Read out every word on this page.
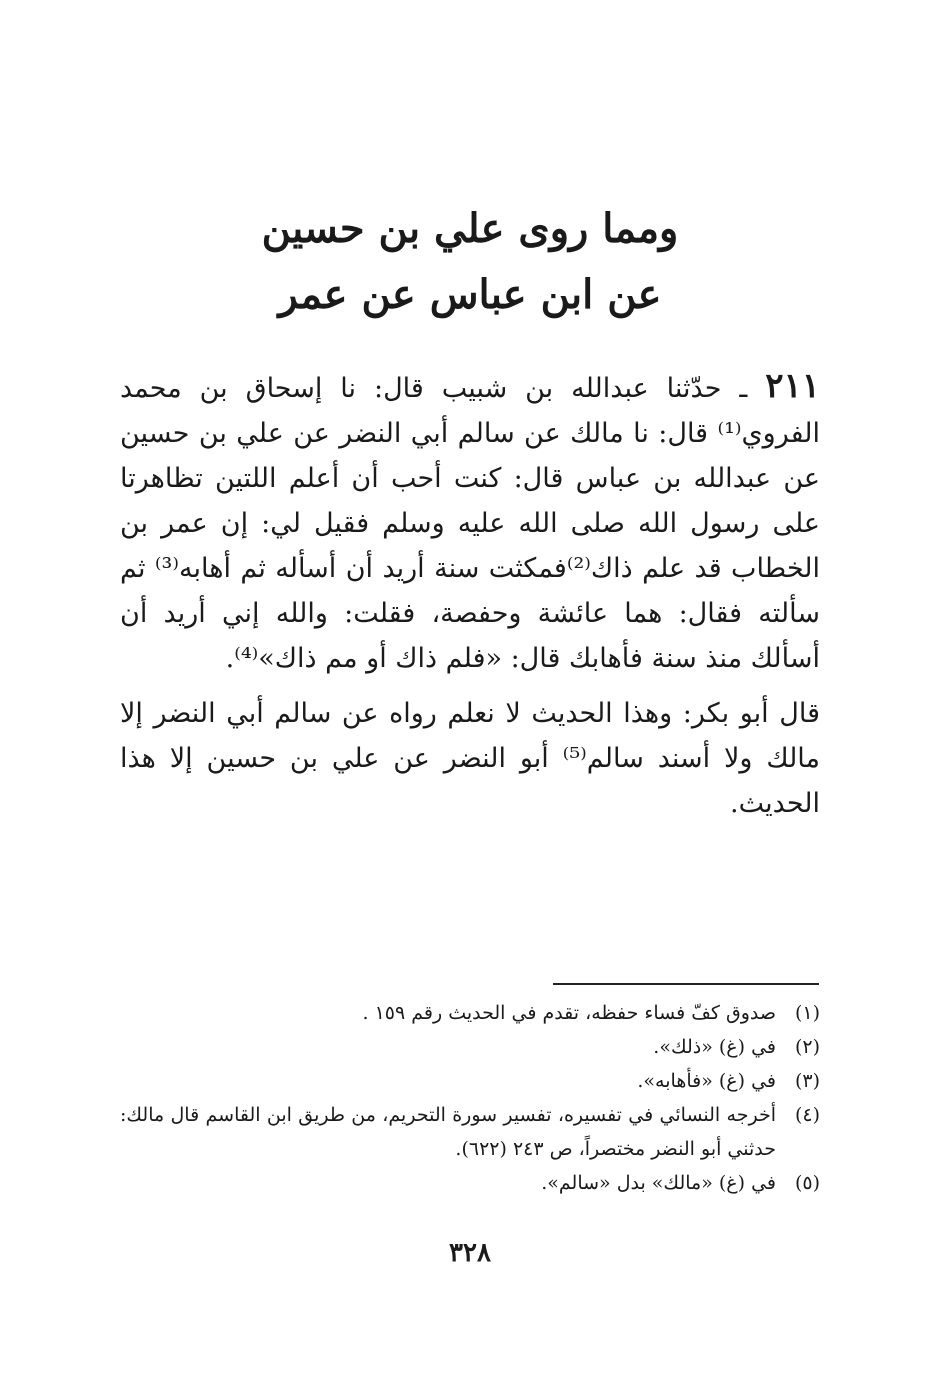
ومما روى علي بن حسين
عن ابن عباس عن عمر

٢١١ ـ حدّثنا عبدالله بن شبيب قال: نا إسحاق بن محمد الفروي⁽¹⁾ قال: نا مالك عن سالم أبي النضر عن علي بن حسين عن عبدالله بن عباس قال: كنت أحب أن أعلم اللتين تظاهرتا على رسول الله صلى الله عليه وسلم فقيل لي: إن عمر بن الخطاب قد علم ذاك⁽²⁾فمكثت سنة أريد أن أسأله ثم أهابه⁽³⁾ ثم سألته فقال: هما عائشة وحفصة، فقلت: والله إني أريد أن أسألك منذ سنة فأهابك قال: «فلم ذاك أو مم ذاك»⁽⁴⁾.

قال أبو بكر: وهذا الحديث لا نعلم رواه عن سالم أبي النضر إلا مالك ولا أسند سالم⁽⁵⁾ أبو النضر عن علي بن حسين إلا هذا الحديث.

(١)
صدوق كفّ فساء حفظه، تقدم في الحديث رقم ١٥٩ .
(٢)
في (غ) «ذلك».
(٣)
في (غ) «فأهابه».
(٤)
أخرجه النسائي في تفسيره، تفسير سورة التحريم، من طريق ابن القاسم قال مالك: حدثني أبو النضر مختصراً، ص ٢٤٣ (٦٢٢).
(٥)
في (غ) «مالك» بدل «سالم».
٣٢٨
